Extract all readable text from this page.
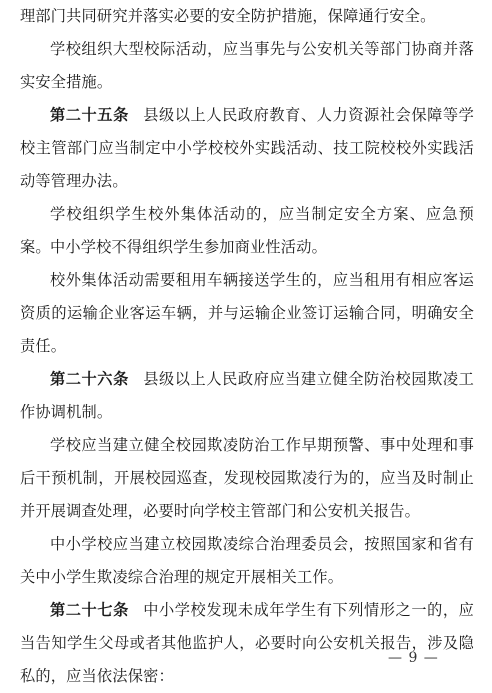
理部门共同研究并落实必要的安全防护措施，保障通行安全。

学校组织大型校际活动，应当事先与公安机关等部门协商并落实安全措施。

第二十五条 县级以上人民政府教育、人力资源社会保障等学校主管部门应当制定中小学校校外实践活动、技工院校校外实践活动等管理办法。

学校组织学生校外集体活动的，应当制定安全方案、应急预案。 中小学校不得组织学生参加商业性活动。

校外集体活动需要租用车辆接送学生的，应当租用有相应客运资质的运输企业客运车辆，并与运输企业签订运输合同，明确安全责任。

第二十六条 县级以上人民政府应当建立健全防治校园欺凌工作协调机制。

学校应当建立健全校园欺凌防治工作早期预警、事中处理和事后干预机制，开展校园巡查，发现校园欺凌行为的，应当及时制止并开展调查处理，必要时向学校主管部门和公安机关报告。

中小学校应当建立校园欺凌综合治理委员会，按照国家和省有关中小学生欺凌综合治理的规定开展相关工作。

第二十七条 中小学校发现未成年学生有下列情形之一的，应当告知学生父母或者其他监护人，必要时向公安机关报告，涉及隐私的，应当依法保密：

— 9 —
